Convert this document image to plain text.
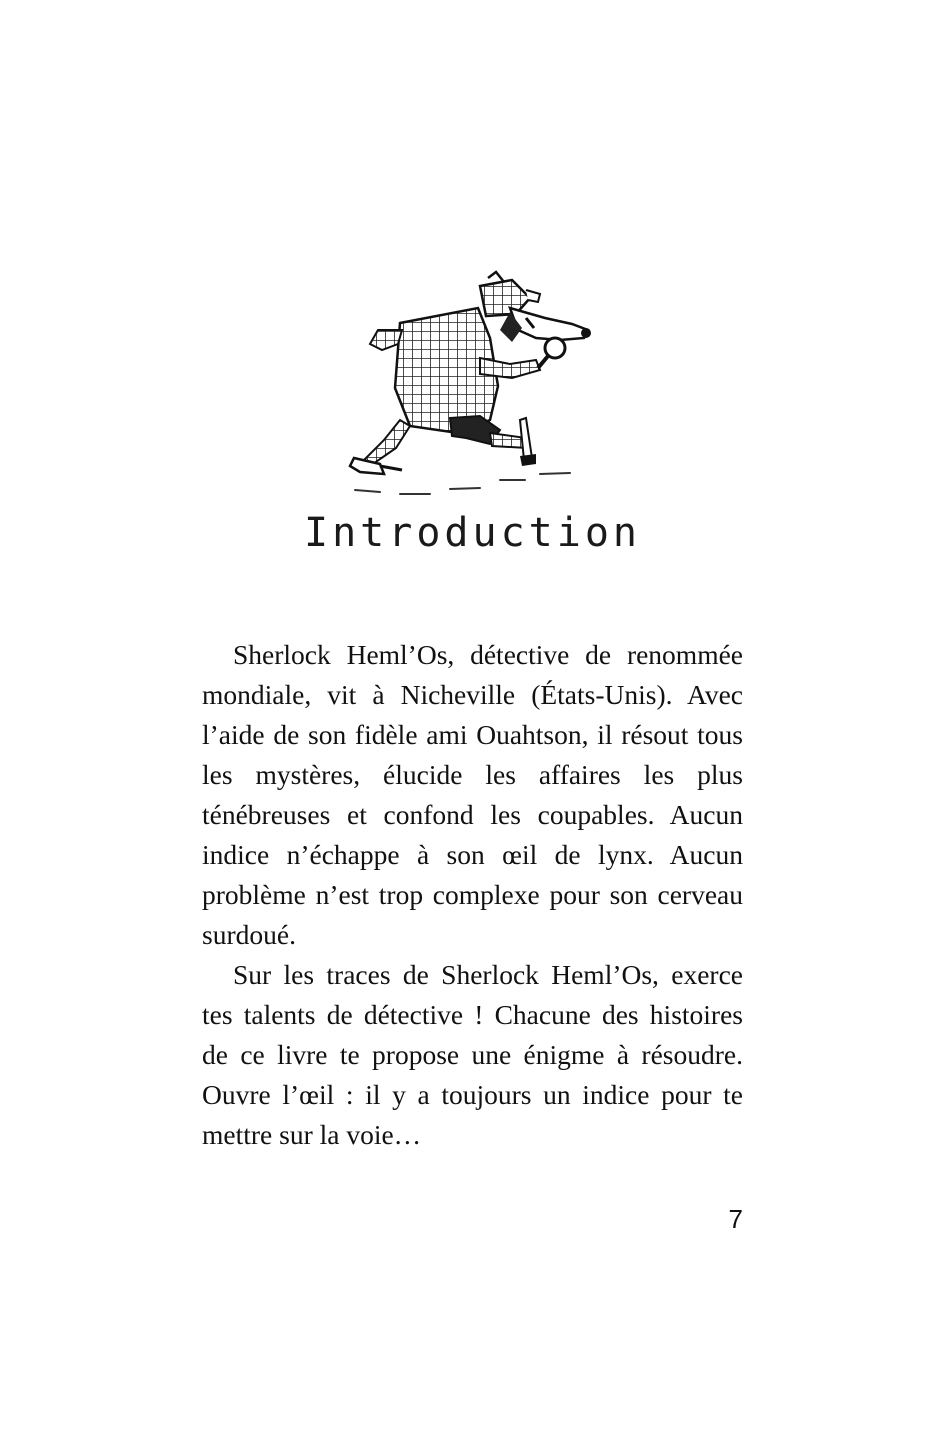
Introduction

Sherlock Heml’Os, détective de renommée mondiale, vit à Nicheville (États-Unis). Avec l’aide de son fidèle ami Ouahtson, il résout tous les mystères, élucide les affaires les plus ténébreuses et confond les coupables. Aucun indice n’échappe à son œil de lynx. Aucun problème n’est trop complexe pour son cerveau surdoué.

Sur les traces de Sherlock Heml’Os, exerce tes talents de détective ! Chacune des histoires de ce livre te propose une énigme à résoudre. Ouvre l’œil : il y a toujours un indice pour te mettre sur la voie…

7
